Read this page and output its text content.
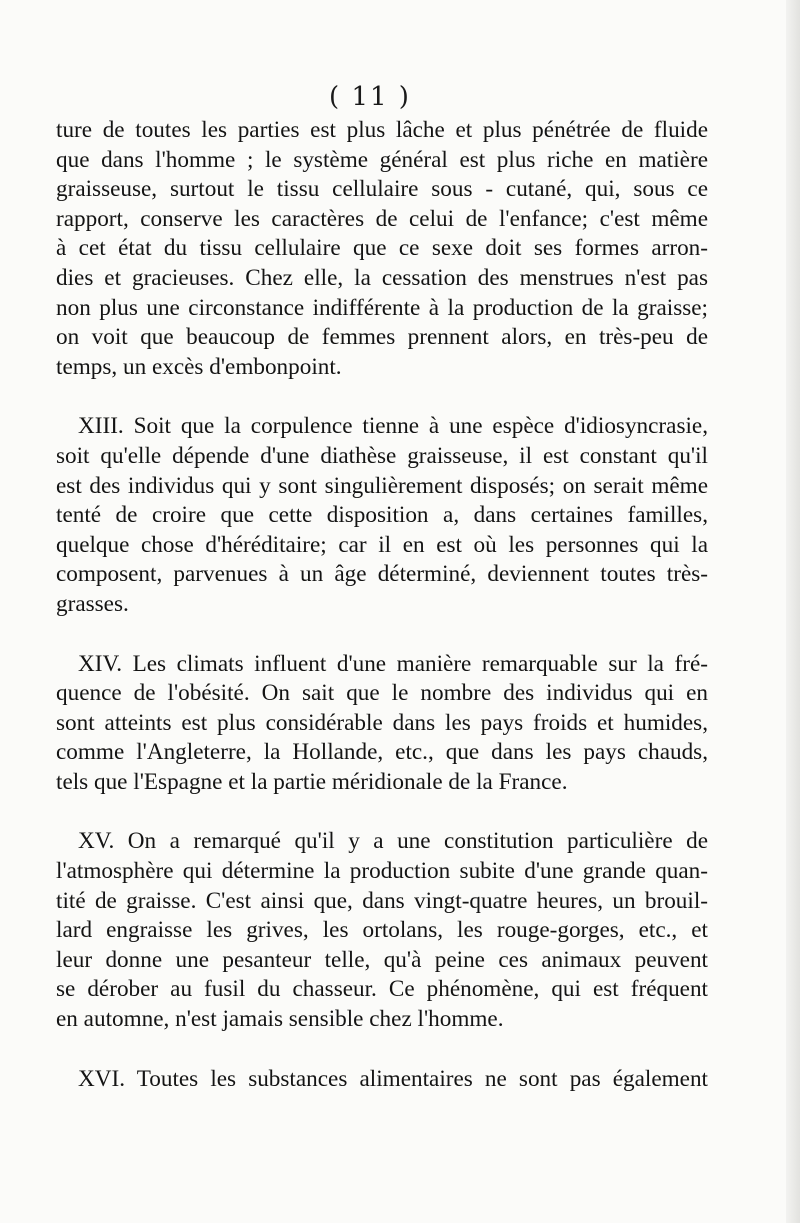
( 11 )
ture de toutes les parties est plus lâche et plus pénétrée de fluide
que dans l'homme ; le système général est plus riche en matière
graisseuse, surtout le tissu cellulaire sous - cutané, qui, sous ce
rapport, conserve les caractères de celui de l'enfance; c'est même
à cet état du tissu cellulaire que ce sexe doit ses formes arron-
dies et gracieuses. Chez elle, la cessation des menstrues n'est pas
non plus une circonstance indifférente à la production de la graisse;
on voit que beaucoup de femmes prennent alors, en très-peu de
temps, un excès d'embonpoint.
XIII. Soit que la corpulence tienne à une espèce d'idiosyncrasie,
soit qu'elle dépende d'une diathèse graisseuse, il est constant qu'il
est des individus qui y sont singulièrement disposés; on serait même
tenté de croire que cette disposition a, dans certaines familles,
quelque chose d'héréditaire; car il en est où les personnes qui la
composent, parvenues à un âge déterminé, deviennent toutes très-
grasses.
XIV. Les climats influent d'une manière remarquable sur la fré-
quence de l'obésité. On sait que le nombre des individus qui en
sont atteints est plus considérable dans les pays froids et humides,
comme l'Angleterre, la Hollande, etc., que dans les pays chauds,
tels que l'Espagne et la partie méridionale de la France.
XV. On a remarqué qu'il y a une constitution particulière de
l'atmosphère qui détermine la production subite d'une grande quan-
tité de graisse. C'est ainsi que, dans vingt-quatre heures, un brouil-
lard engraisse les grives, les ortolans, les rouge-gorges, etc., et
leur donne une pesanteur telle, qu'à peine ces animaux peuvent
se dérober au fusil du chasseur. Ce phénomène, qui est fréquent
en automne, n'est jamais sensible chez l'homme.
XVI. Toutes les substances alimentaires ne sont pas également
